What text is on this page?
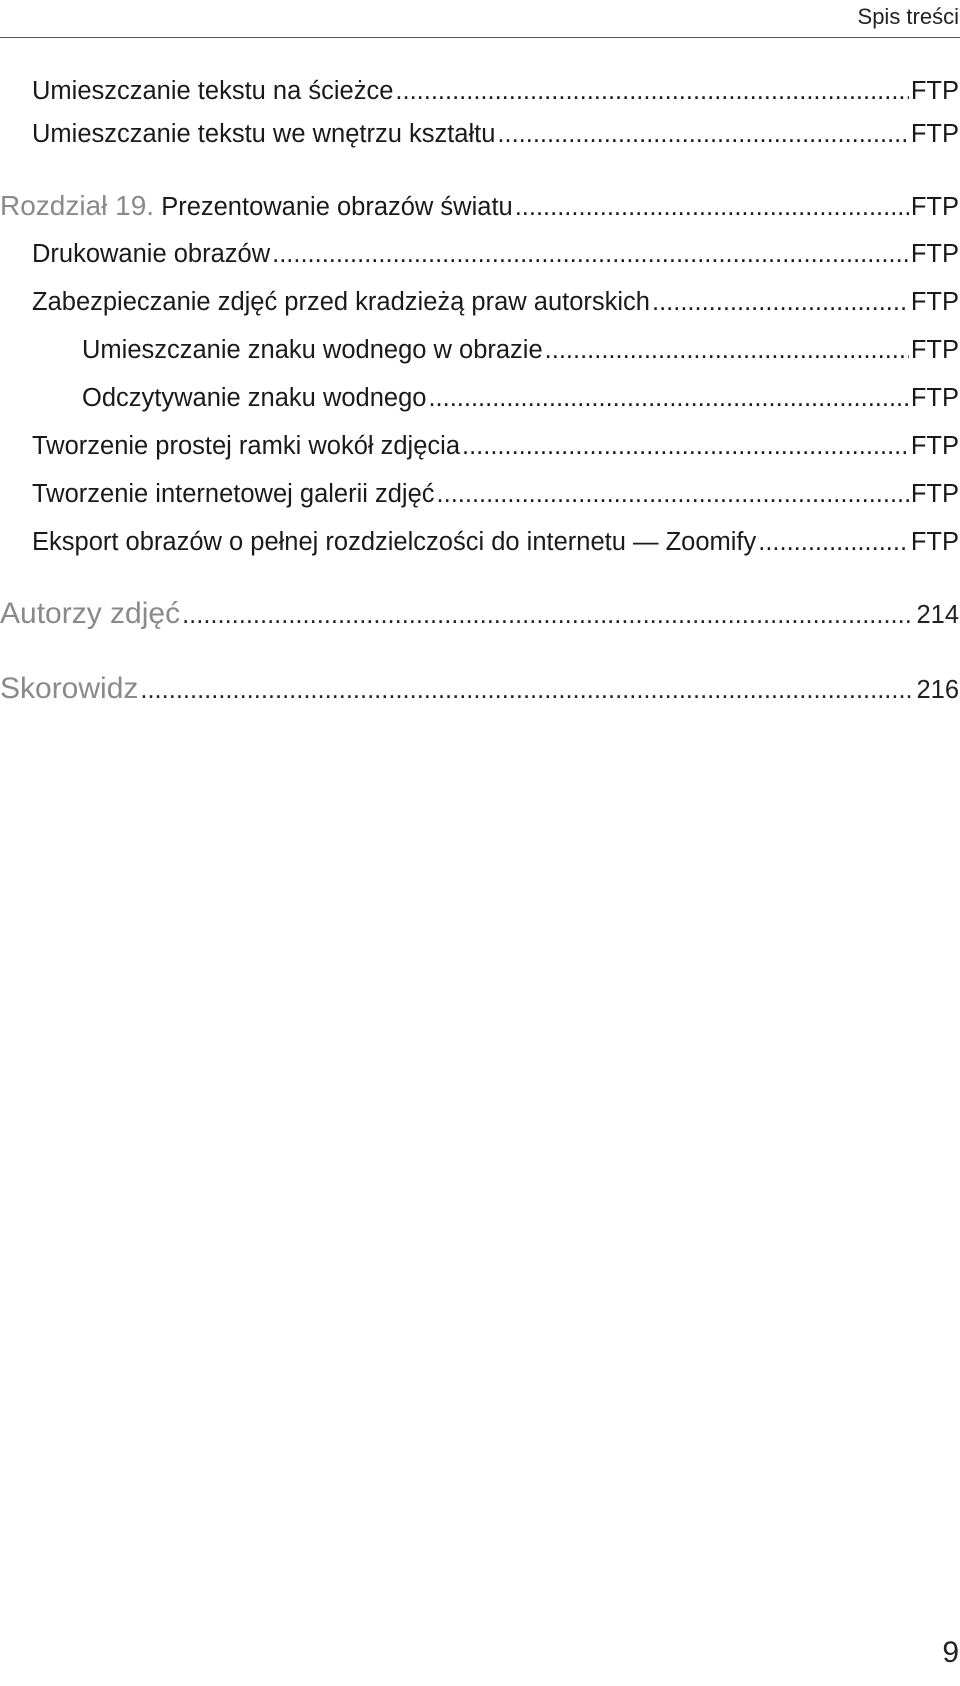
Spis treści
Umieszczanie tekstu na ścieżce .....	FTP
Umieszczanie tekstu we wnętrzu kształtu .....	FTP
Rozdział 19. Prezentowanie obrazów światu .....	FTP
Drukowanie obrazów .....	FTP
Zabezpieczanie zdjęć przed kradzieżą praw autorskich .....	FTP
Umieszczanie znaku wodnego w obrazie .....	FTP
Odczytywanie znaku wodnego .....	FTP
Tworzenie prostej ramki wokół zdjęcia .....	FTP
Tworzenie internetowej galerii zdjęć .....	FTP
Eksport obrazów o pełnej rozdzielczości do internetu — Zoomify .....	FTP
Autorzy zdjęć .....	214
Skorowidz .....	216
9
